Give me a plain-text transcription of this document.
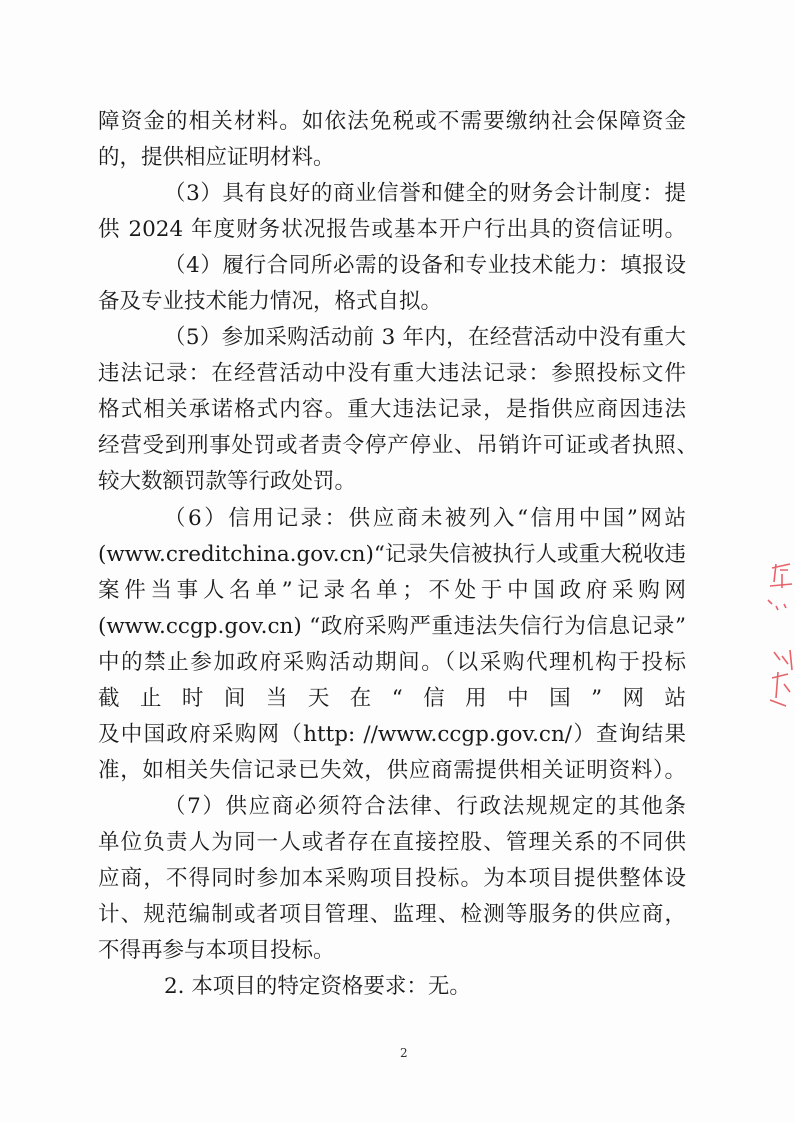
障资金的相关材料。如依法免税或不需要缴纳社会保障资金
的，提供相应证明材料。
（3）具有良好的商业信誉和健全的财务会计制度：提
供 2024 年度财务状况报告或基本开户行出具的资信证明。
（4）履行合同所必需的设备和专业技术能力：填报设
备及专业技术能力情况，格式自拟。
（5）参加采购活动前 3 年内，在经营活动中没有重大
违法记录：在经营活动中没有重大违法记录：参照投标文件
格式相关承诺格式内容。重大违法记录，是指供应商因违法
经营受到刑事处罚或者责令停产停业、吊销许可证或者执照、
较大数额罚款等行政处罚。
（6）信用记录：供应商未被列入“信用中国”网站
(www.creditchina.gov.cn)“记录失信被执行人或重大税收违
案件当事人名单”记录名单；不处于中国政府采购网
(www.ccgp.gov.cn) “政府采购严重违法失信行为信息记录”
中的禁止参加政府采购活动期间。（以采购代理机构于投标
截止时间当天在“信用中国”网站
及中国政府采购网（http: //www.ccgp.gov.cn/）查询结果
准，如相关失信记录已失效，供应商需提供相关证明资料）。
（7）供应商必须符合法律、行政法规规定的其他条
单位负责人为同一人或者存在直接控股、管理关系的不同供
应商，不得同时参加本采购项目投标。为本项目提供整体设
计、规范编制或者项目管理、监理、检测等服务的供应商，
不得再参与本项目投标。
2. 本项目的特定资格要求：无。
2
